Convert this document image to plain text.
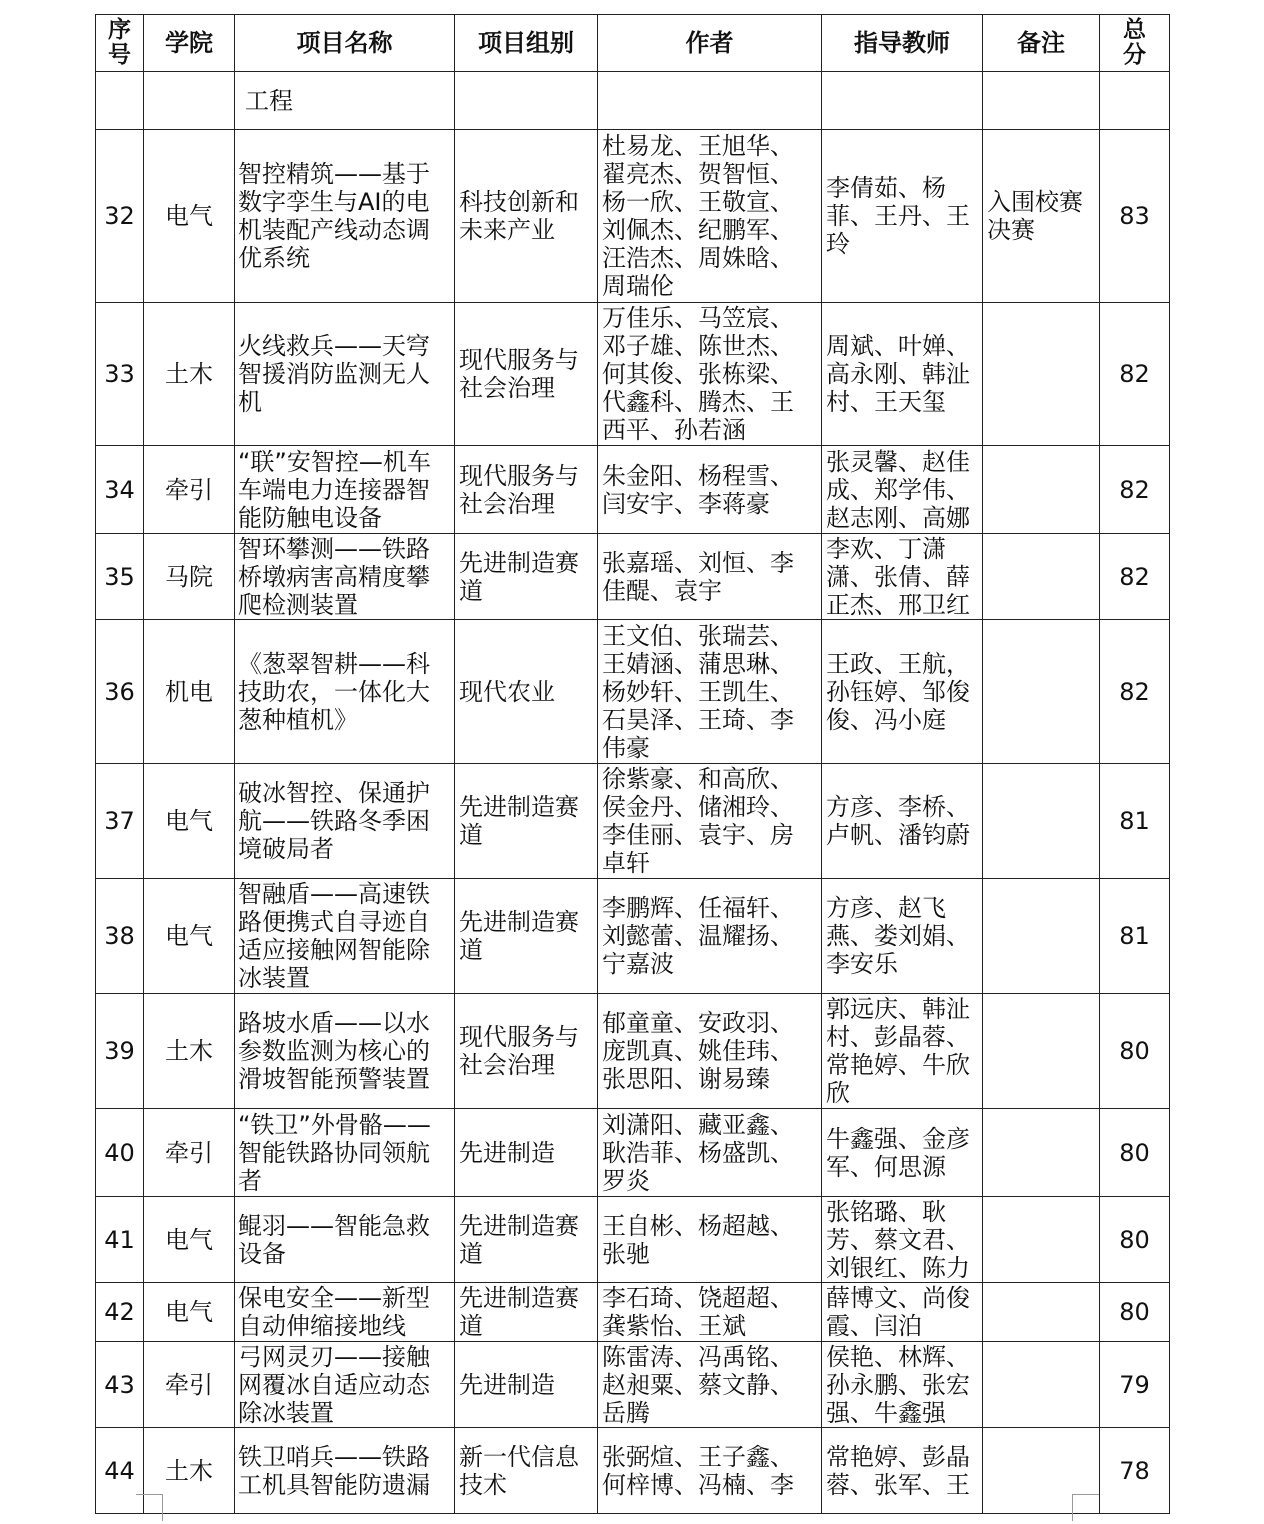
序号	学院	项目名称	项目组别	作者	指导教师	备注	总分
		工程					
32	电气	智控精筑——基于数字孪生与AI的电机装配产线动态调优系统	科技创新和未来产业	杜易龙、王旭华、翟亮杰、贺智恒、杨一欣、王敬宣、刘佩杰、纪鹏军、汪浩杰、周姝晗、周瑞伦	李倩茹、杨菲、王丹、王玲	入围校赛决赛	83
33	土木	火线救兵——天穹智援消防监测无人机	现代服务与社会治理	万佳乐、马笠宸、邓子雄、陈世杰、何其俊、张栋梁、代鑫科、腾杰、王西平、孙若涵	周斌、叶婵、高永刚、韩沚村、王天玺		82
34	牵引	“联”安智控—机车车端电力连接器智能防触电设备	现代服务与社会治理	朱金阳、杨程雪、闫安宇、李蒋豪	张灵馨、赵佳成、郑学伟、赵志刚、高娜		82
35	马院	智环攀测——铁路桥墩病害高精度攀爬检测装置	先进制造赛道	张嘉瑶、刘恒、李佳醍、袁宇	李欢、丁潇潇、张倩、薛正杰、邢卫红		82
36	机电	《葱翠智耕——科技助农，一体化大葱种植机》	现代农业	王文伯、张瑞芸、王婧涵、蒲思琳、杨妙轩、王凯生、石昊泽、王琦、李伟豪	王政、王航，孙钰婷、邹俊俊、冯小庭		82
37	电气	破冰智控、保通护航——铁路冬季困境破局者	先进制造赛道	徐紫豪、和高欣、侯金丹、储湘玲、李佳丽、袁宇、房卓轩	方彦、李桥、卢帆、潘钧蔚		81
38	电气	智融盾——高速铁路便携式自寻迹自适应接触网智能除冰装置	先进制造赛道	李鹏辉、任福轩、刘懿蕾、温耀扬、宁嘉波	方彦、赵飞燕、娄刘娟、李安乐		81
39	土木	路坡水盾——以水参数监测为核心的滑坡智能预警装置	现代服务与社会治理	郁童童、安政羽、庞凯真、姚佳玮、张思阳、谢易臻	郭远庆、韩沚村、彭晶蓉、常艳婷、牛欣欣		80
40	牵引	“铁卫”外骨骼——智能铁路协同领航者	先进制造	刘潇阳、藏亚鑫、耿浩菲、杨盛凯、罗炎	牛鑫强、金彦军、何思源		80
41	电气	鲲羽——智能急救设备	先进制造赛道	王自彬、杨超越、张驰	张铭璐、耿芳、蔡文君、刘银红、陈力		80
42	电气	保电安全——新型自动伸缩接地线	先进制造赛道	李石琦、饶超超、龚紫怡、王斌	薛博文、尚俊霞、闫泊		80
43	牵引	弓网灵刃——接触网覆冰自适应动态除冰装置	先进制造	陈雷涛、冯禹铭、赵昶粟、蔡文静、岳腾	侯艳、林辉、孙永鹏、张宏强、牛鑫强		79
44	土木	铁卫哨兵——铁路工机具智能防遗漏	新一代信息技术	张弼煊、王子鑫、何梓博、冯楠、李	常艳婷、彭晶蓉、张军、王		78
